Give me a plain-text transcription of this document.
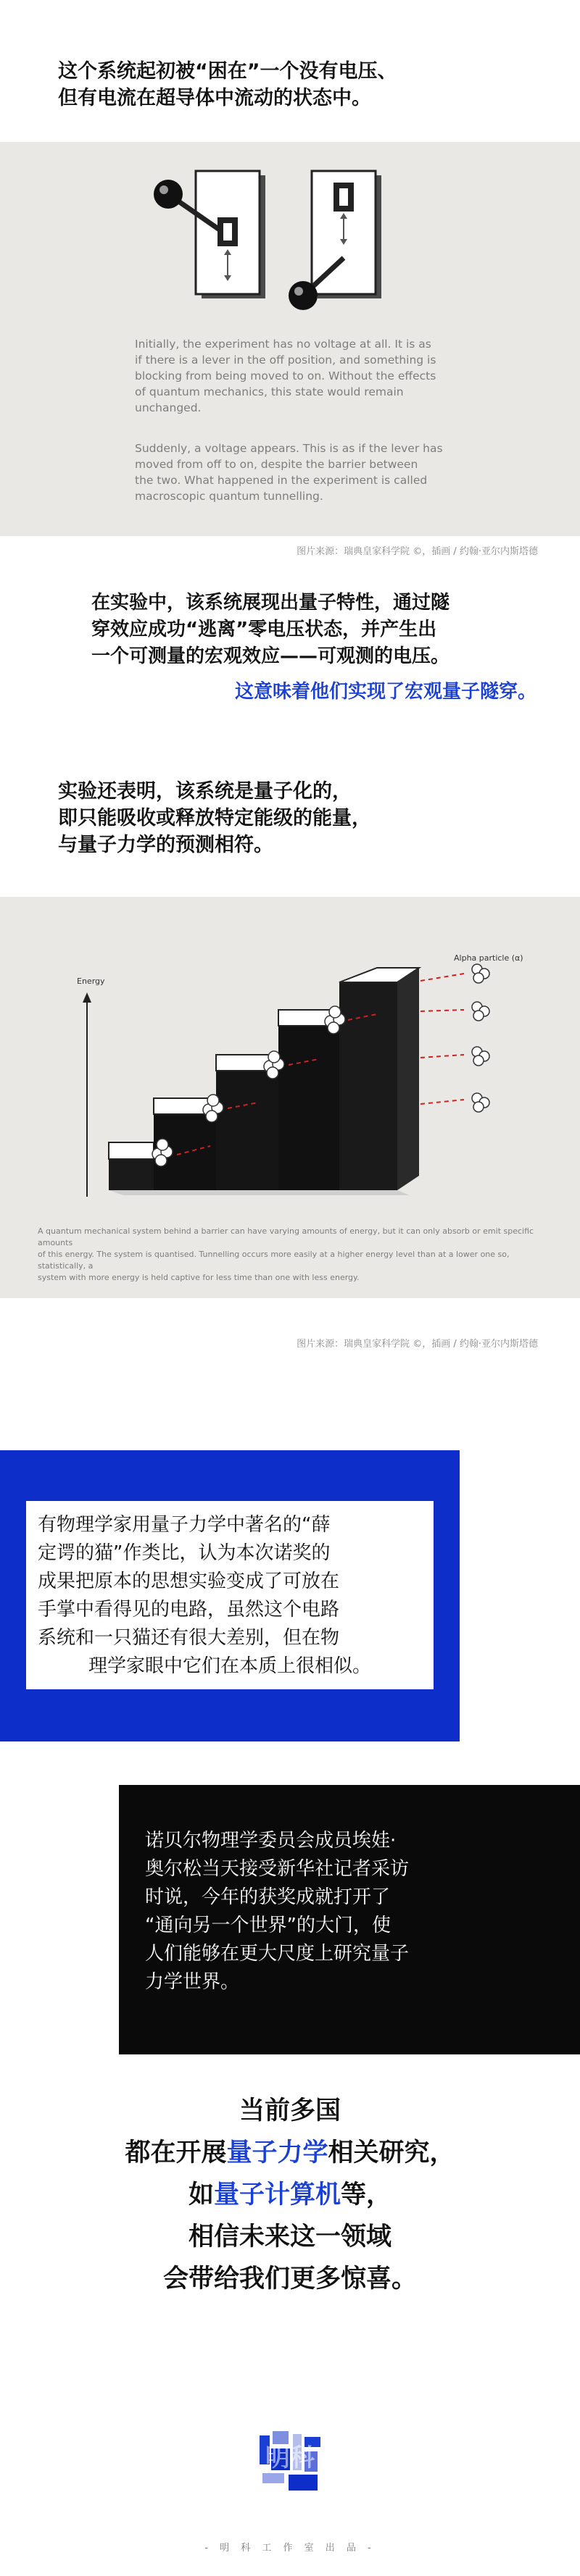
这个系统起初被“困在”一个没有电压、

但有电流在超导体中流动的状态中。

Initially, the experiment has no voltage at all. It is as
if there is a lever in the off position, and something is
blocking from being moved to on. Without the effects
of quantum mechanics, this state would remain
unchanged.
Suddenly, a voltage appears. This is as if the lever has
moved from off to on, despite the barrier between
the two. What happened in the experiment is called
macroscopic quantum tunnelling.
图片来源：瑞典皇家科学院 ©，插画 / 约翰·亚尔内斯塔德

在实验中，该系统展现出量子特性，通过隧

穿效应成功“逃离”零电压状态，并产生出

一个可测量的宏观效应——可观测的电压。

这意味着他们实现了宏观量子隧穿。

实验还表明，该系统是量子化的，

即只能吸收或释放特定能级的能量，

与量子力学的预测相符。

Energy
Alpha particle (α)
A quantum mechanical system behind a barrier can have varying amounts of energy, but it can only absorb or emit specific amounts
of this energy. The system is quantised. Tunnelling occurs more easily at a higher energy level than at a lower one so, statistically, a
system with more energy is held captive for less time than one with less energy.
图片来源：瑞典皇家科学院 ©，插画 / 约翰·亚尔内斯塔德

有物理学家用量子力学中著名的“薛

定谔的猫”作类比，认为本次诺奖的

成果把原本的思想实验变成了可放在

手掌中看得见的电路，虽然这个电路

系统和一只猫还有很大差别，但在物

理学家眼中它们在本质上很相似。

诺贝尔物理学委员会成员埃娃·

奥尔松当天接受新华社记者采访

时说，今年的获奖成就打开了

“通向另一个世界”的大门，使

人们能够在更大尺度上研究量子

力学世界。

当前多国
都在开展量子力学相关研究，
如量子计算机等，
相信未来这一领域
会带给我们更多惊喜。
明科
- 明 科 工 作 室 出 品 -
